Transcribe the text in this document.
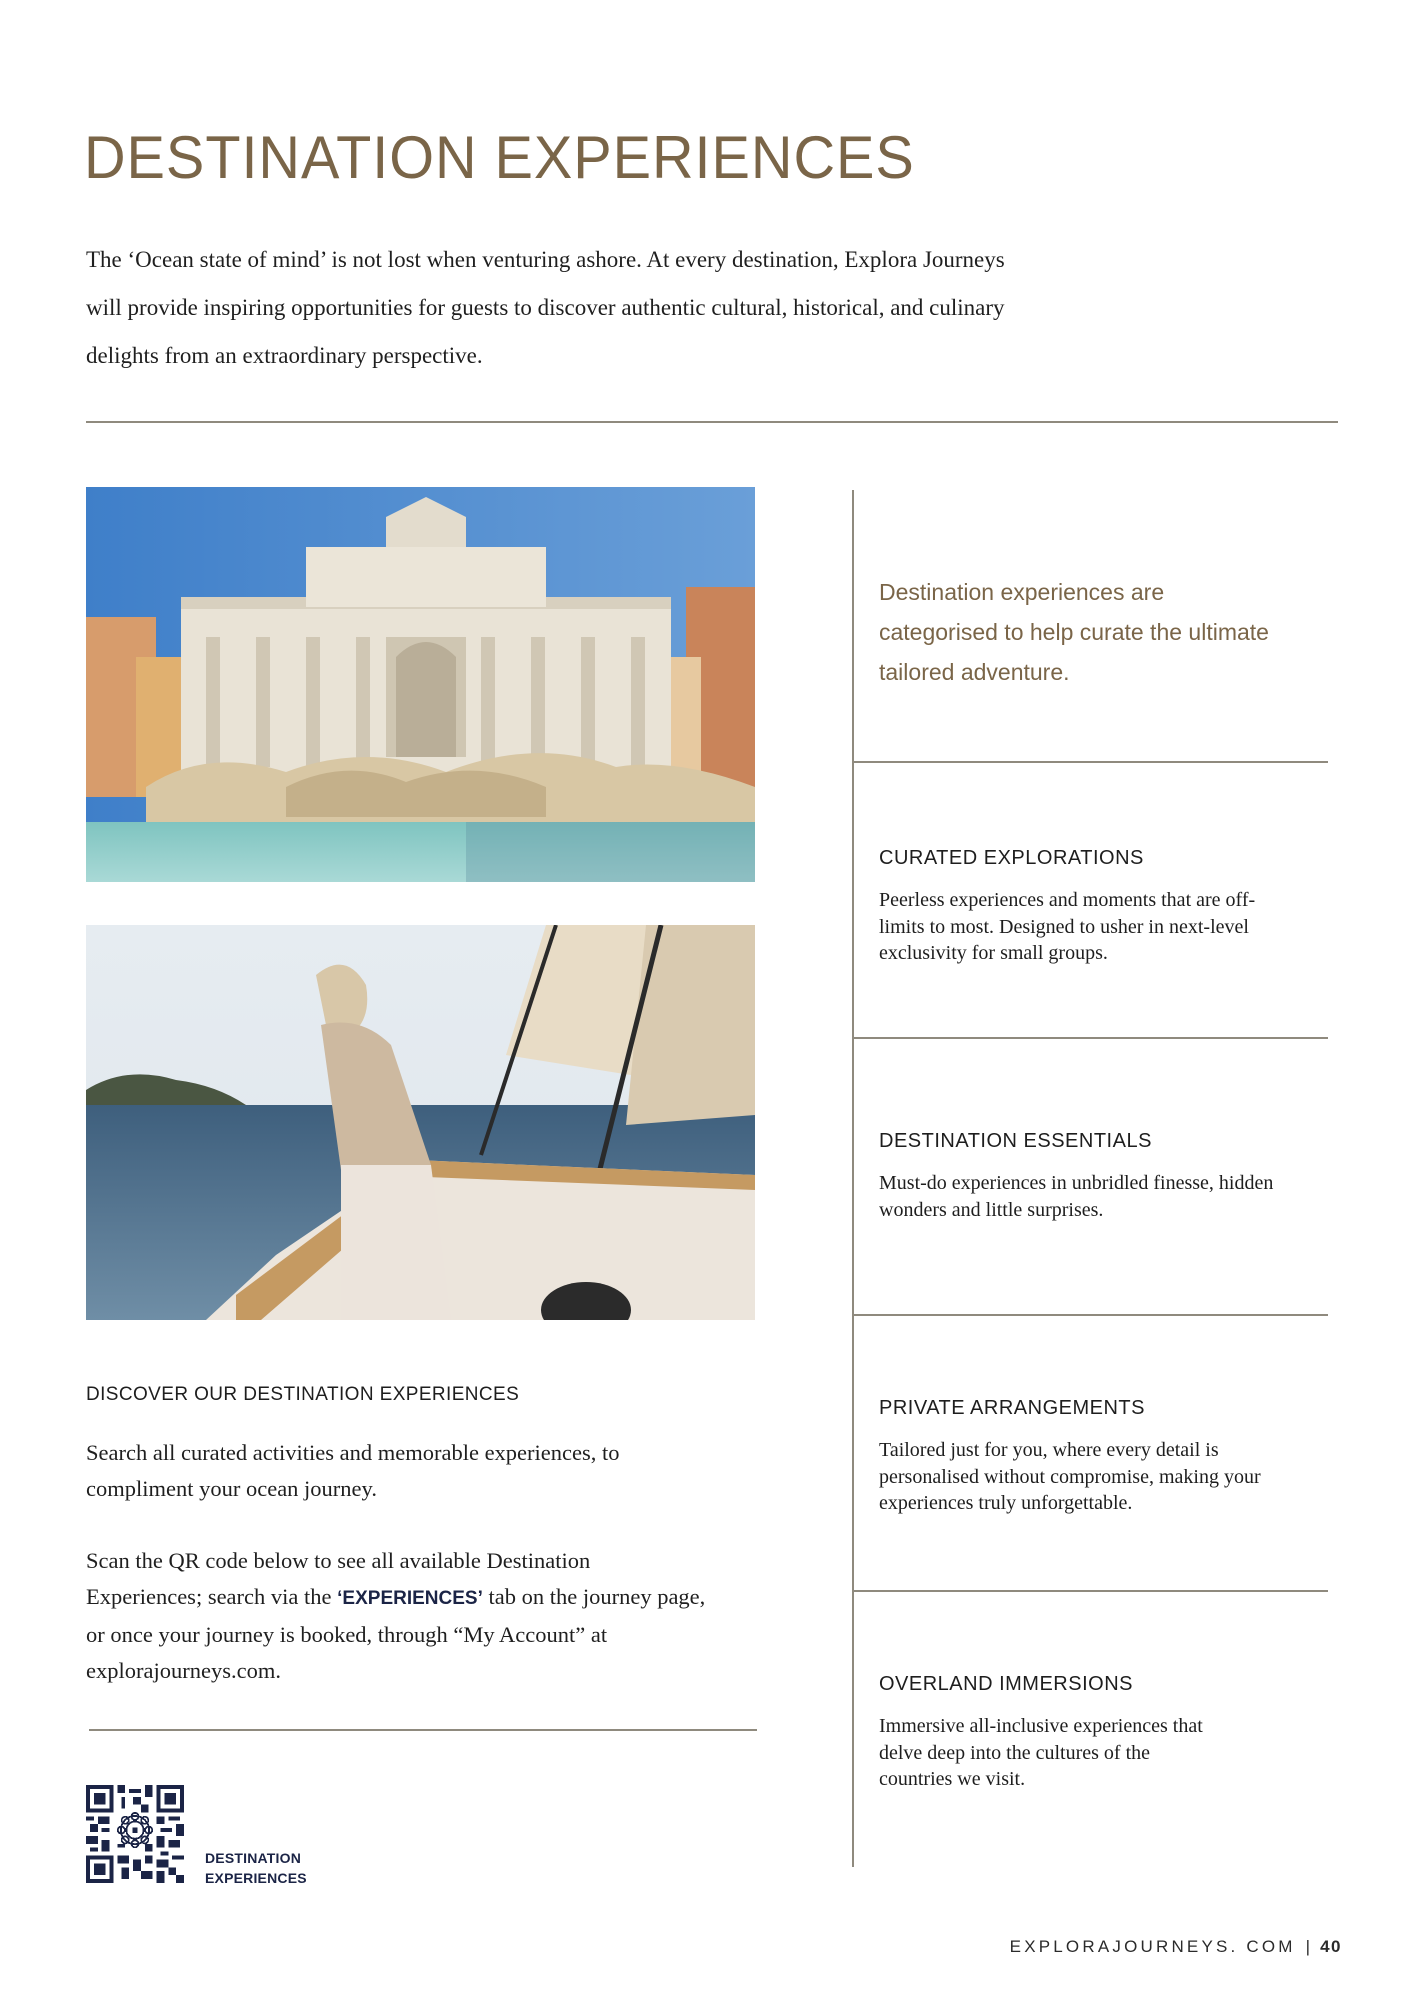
DESTINATION EXPERIENCES

The ‘Ocean state of mind’ is not lost when venturing ashore. At every destination, Explora Journeys will provide inspiring opportunities for guests to discover authentic cultural, historical, and culinary delights from an extraordinary perspective.

DISCOVER OUR DESTINATION EXPERIENCES

Search all curated activities and memorable experiences, to compliment your ocean journey.

Scan the QR code below to see all available Destination Experiences; search via the ‘EXPERIENCES’ tab on the journey page, or once your journey is booked, through “My Account” at explorajourneys.com.

DESTINATION
EXPERIENCES

Destination experiences are categorised to help curate the ultimate tailored adventure.

CURATED EXPLORATIONS
Peerless experiences and moments that are off-limits to most. Designed to usher in next-level exclusivity for small groups.
DESTINATION ESSENTIALS
Must-do experiences in unbridled finesse, hidden wonders and little surprises.
PRIVATE ARRANGEMENTS
Tailored just for you, where every detail is personalised without compromise, making your experiences truly unforgettable.
OVERLAND IMMERSIONS
Immersive all-inclusive experiences that delve deep into the cultures of the countries we visit.
EXPLORAJOURNEYS. COM | 40
